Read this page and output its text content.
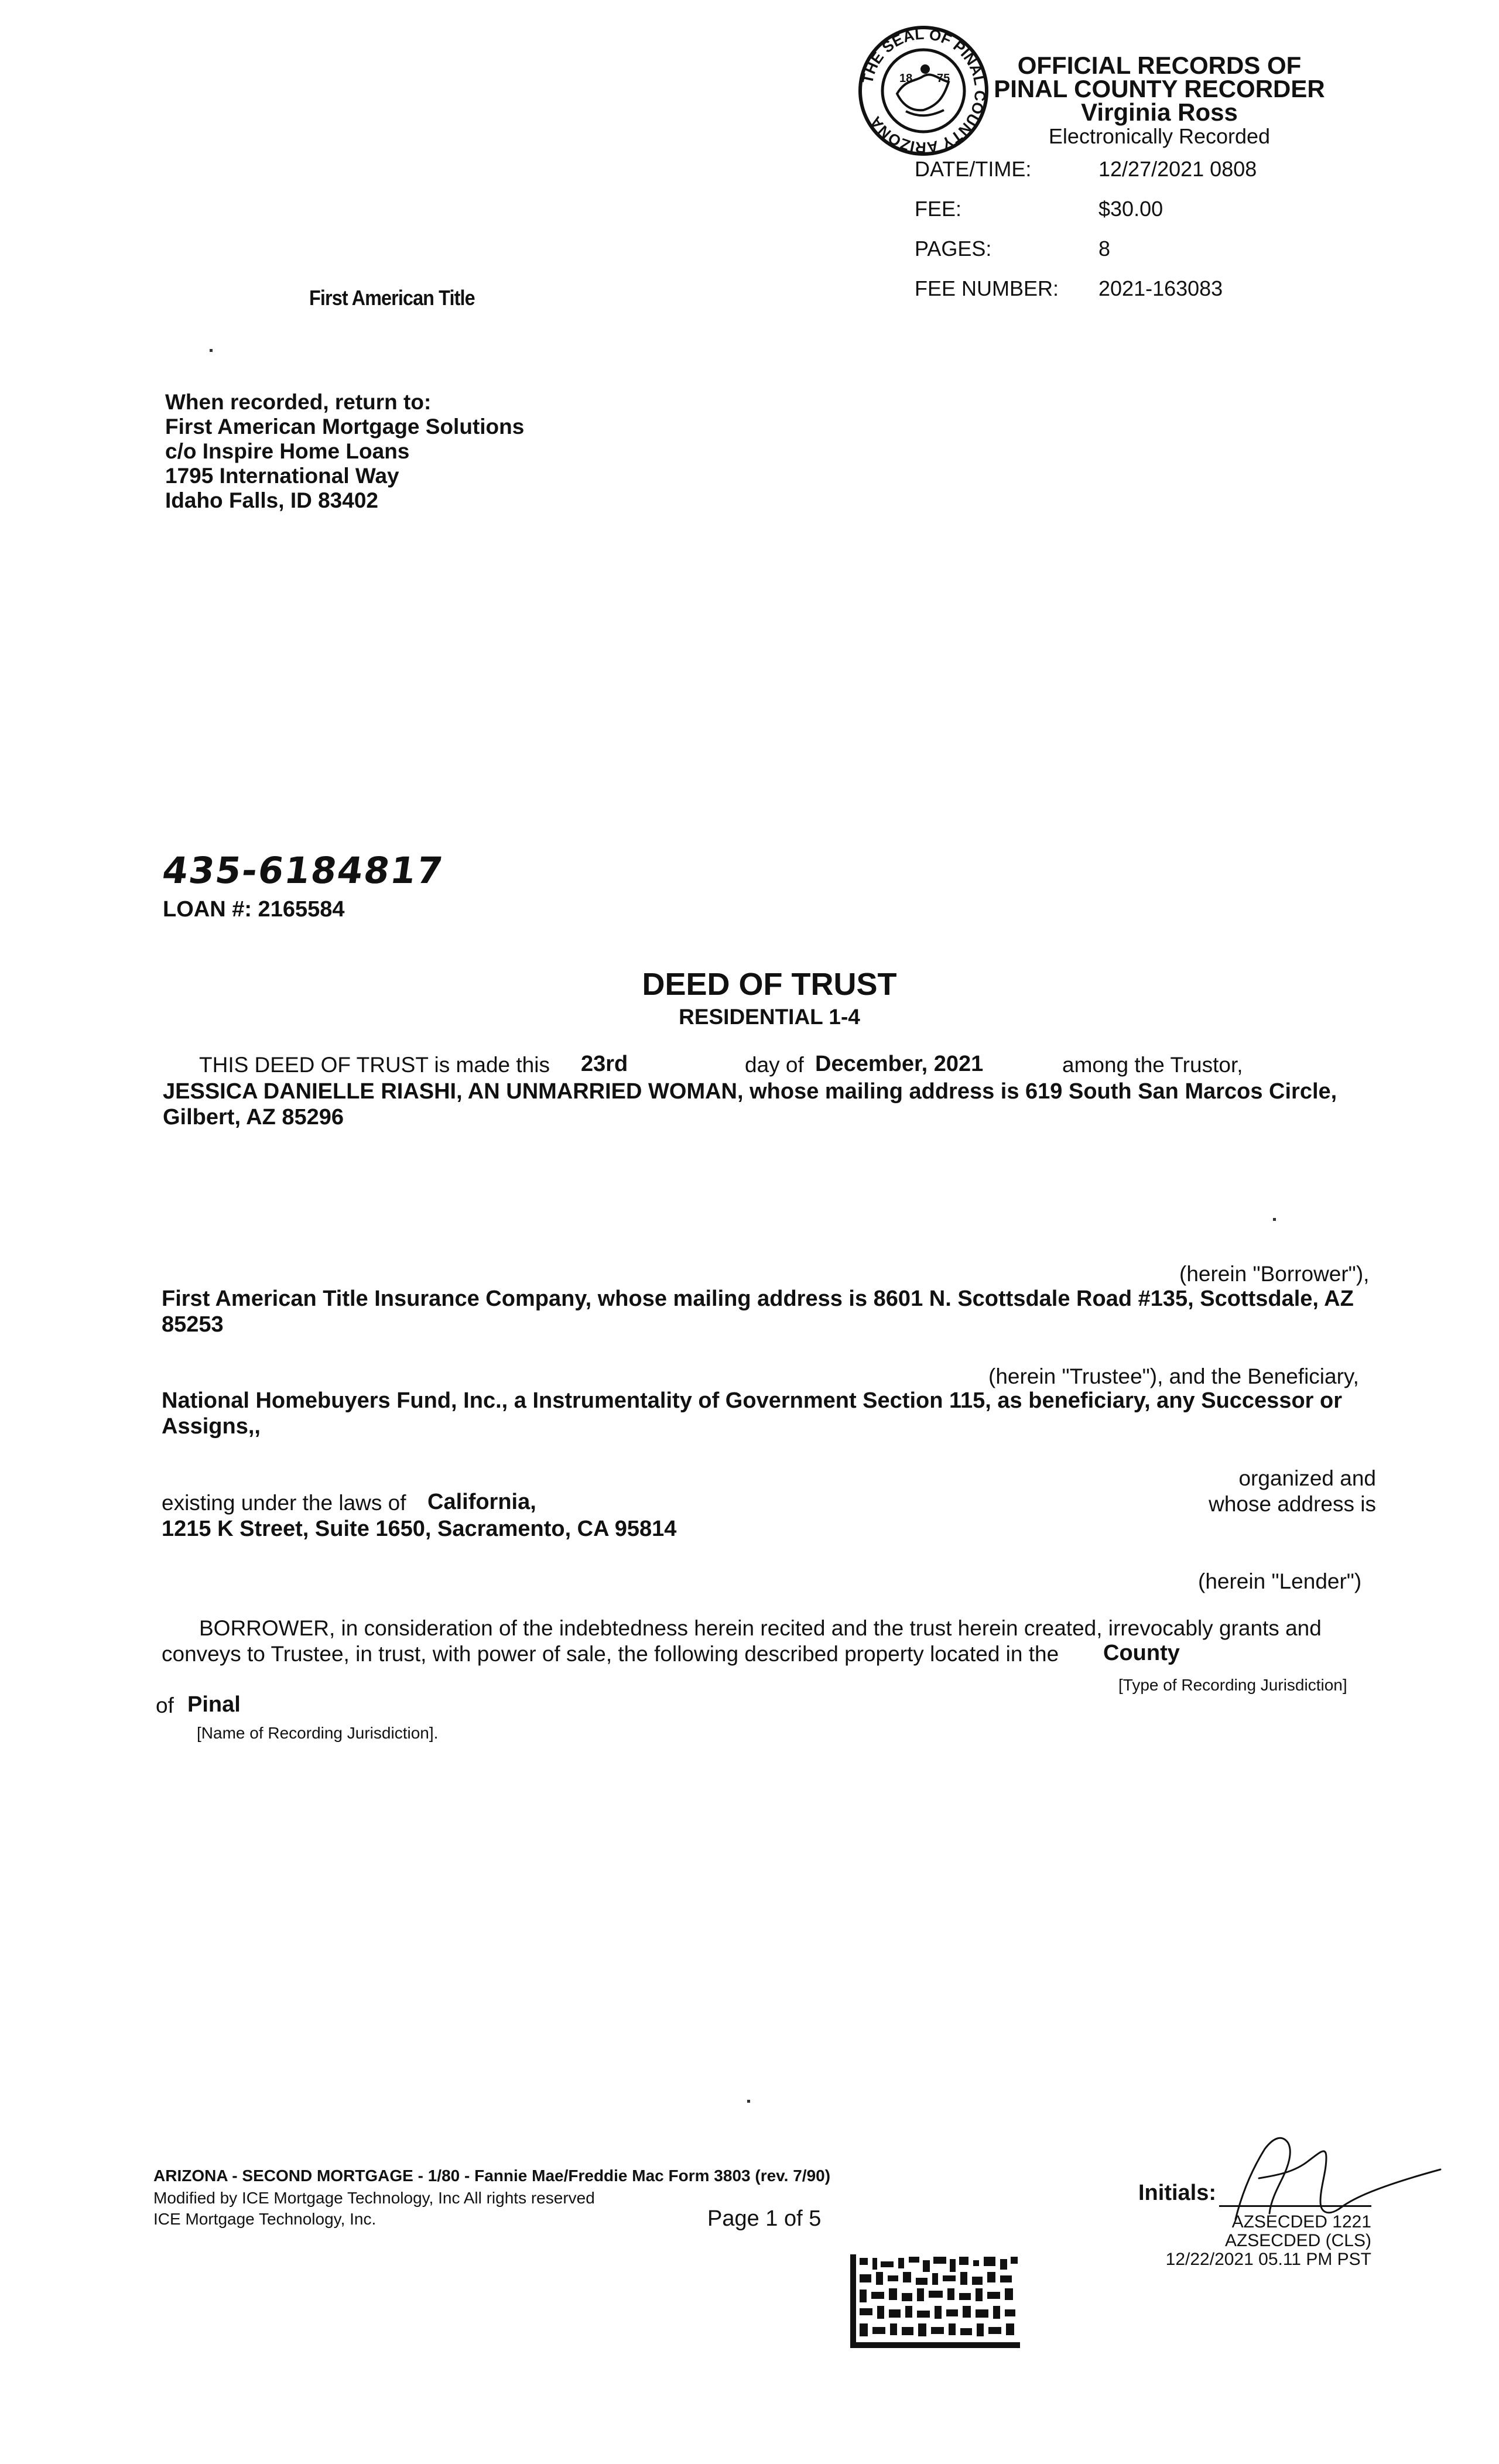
THE SEAL OF PINAL COUNTY ARIZONA
18 75	OFFICIAL RECORDS OF
PINAL COUNTY RECORDER
Virginia Ross
Electronically Recorded
DATE/TIME:	12/27/2021 0808
FEE:	$30.00
PAGES:	8
FEE NUMBER: 2021-163083
First American Title
When recorded, return to:
First American Mortgage Solutions
c/o Inspire Home Loans
1795 International Way
Idaho Falls, ID 83402
435-6184817
LOAN #: 2165584
DEED OF TRUST
RESIDENTIAL 1-4
THIS DEED OF TRUST is made this 23rd	day of December, 2021	among the Trustor,
JESSICA DANIELLE RIASHI, AN UNMARRIED WOMAN, whose mailing address is 619 South San Marcos Circle, Gilbert, AZ 85296
(herein "Borrower"),
First American Title Insurance Company, whose mailing address is 8601 N. Scottsdale Road #135, Scottsdale, AZ 85253
(herein "Trustee"), and the Beneficiary,
National Homebuyers Fund, Inc., a Instrumentality of Government Section 115, as beneficiary, any Successor or Assigns,,
organized and
existing under the laws of California,	whose address is
1215 K Street, Suite 1650, Sacramento, CA 95814
(herein "Lender")
BORROWER, in consideration of the indebtedness herein recited and the trust herein created, irrevocably grants and
conveys to Trustee, in trust, with power of sale, the following described property located in the County
[Type of Recording Jurisdiction]
of Pinal
[Name of Recording Jurisdiction].
ARIZONA - SECOND MORTGAGE - 1/80 - Fannie Mae/Freddie Mac Form 3803 (rev. 7/90)
Modified by ICE Mortgage Technology, Inc All rights reserved
ICE Mortgage Technology, Inc.	Page 1 of 5
Initials:
AZSECDED 1221
AZSECDED (CLS)
12/22/2021 05.11 PM PST
